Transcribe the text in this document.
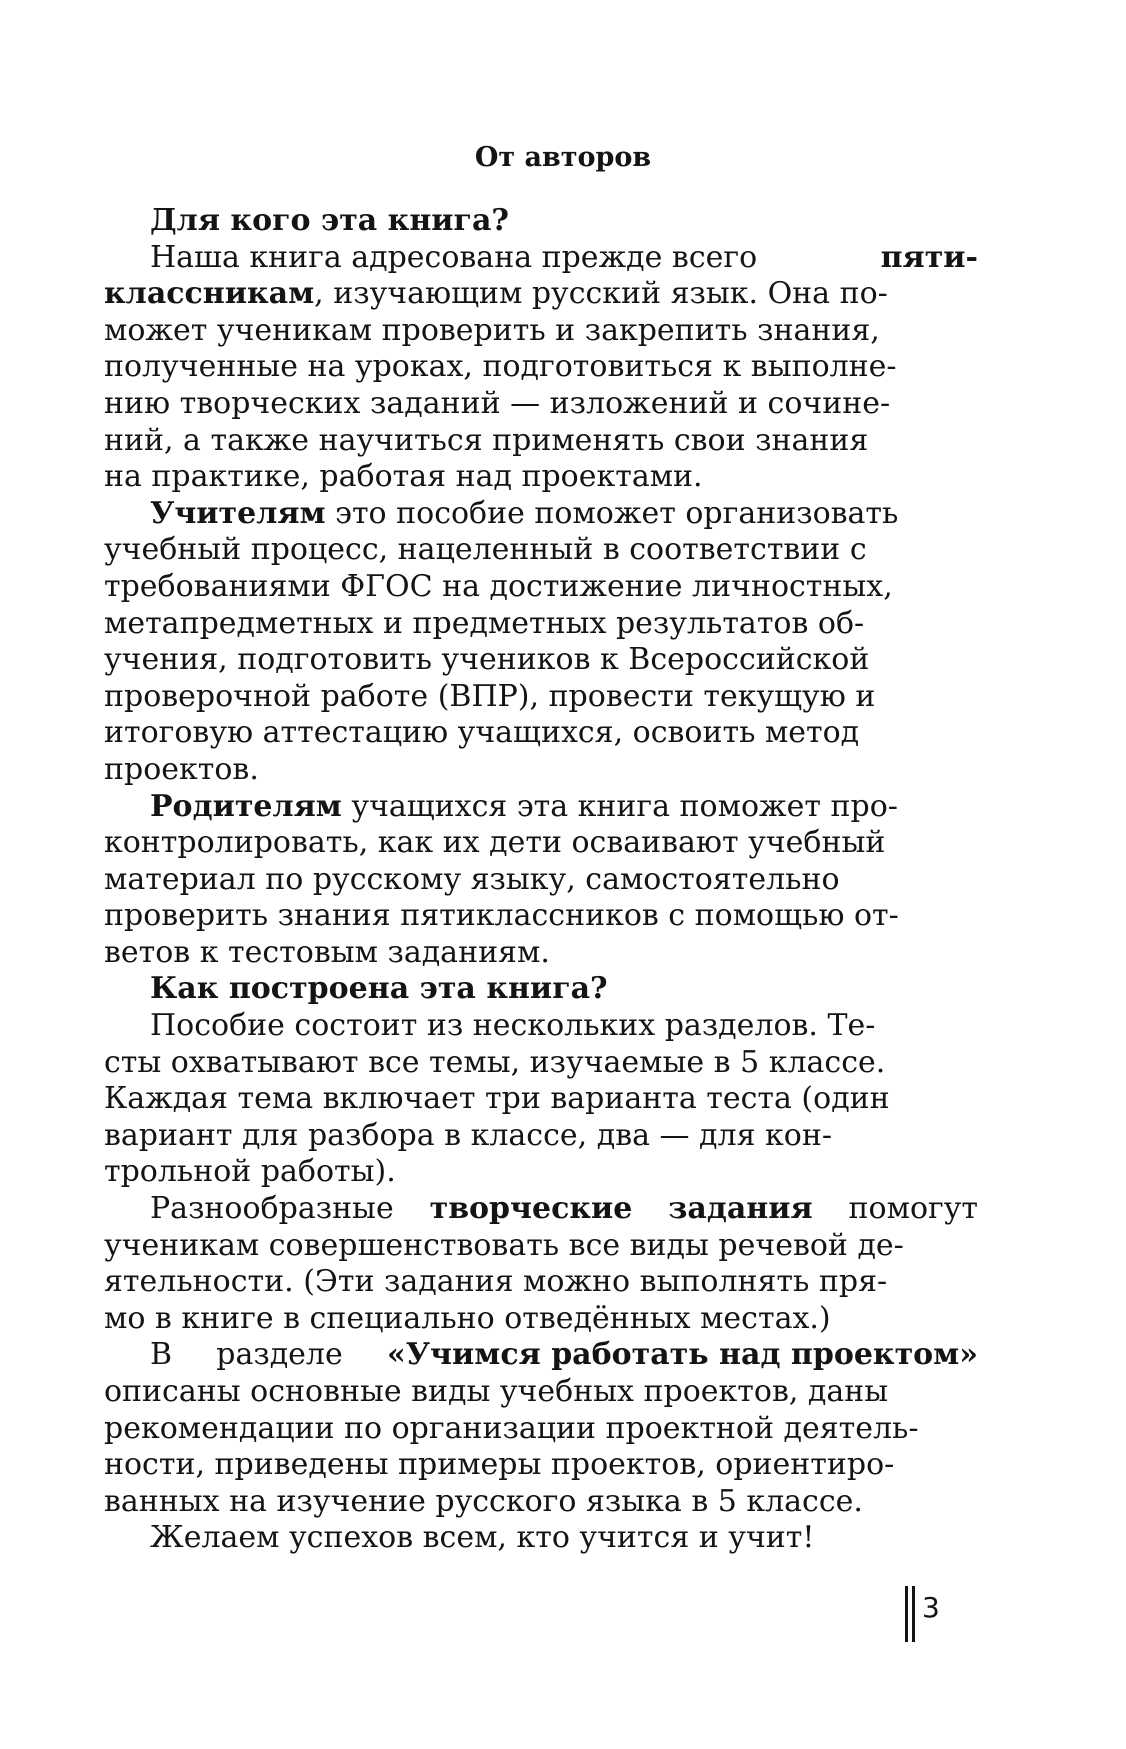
От авторов
Для кого эта книга?
Наша книга адресована прежде всего	пяти-
классникам, изучающим русский язык. Она по-
может ученикам проверить и закрепить знания,
полученные на уроках, подготовиться к выполне-
нию творческих заданий — изложений и сочине-
ний, а также научиться применять свои знания
на практике, работая над проектами.
Учителям это пособие поможет организовать
учебный процесс, нацеленный в соответствии с
требованиями ФГОС на достижение личностных,
метапредметных и предметных результатов об-
учения, подготовить учеников к Всероссийской
проверочной работе (ВПР), провести текущую и
итоговую аттестацию учащихся, освоить метод
проектов.
Родителям учащихся эта книга поможет про-
контролировать, как их дети осваивают учебный
материал по русскому языку, самостоятельно
проверить знания пятиклассников с помощью от-
ветов к тестовым заданиям.
Как построена эта книга?
Пособие состоит из нескольких разделов. Те-
сты охватывают все темы, изучаемые в 5 классе.
Каждая тема включает три варианта теста (один
вариант для разбора в классе, два — для кон-
трольной работы).
Разнообразные творческие задания помогут
ученикам совершенствовать все виды речевой де-
ятельности. (Эти задания можно выполнять пря-
мо в книге в специально отведённых местах.)
В разделе «Учимся работать над проектом»
описаны основные виды учебных проектов, даны
рекомендации по организации проектной деятель-
ности, приведены примеры проектов, ориентиро-
ванных на изучение русского языка в 5 классе.
Желаем успехов всем, кто учится и учит!
3
